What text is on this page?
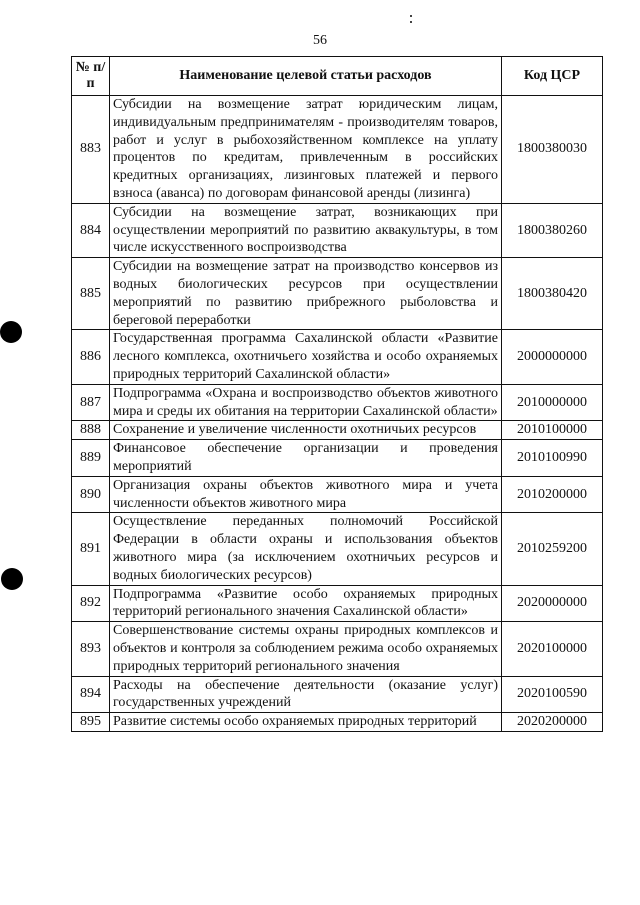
56
№ п/п	Наименование целевой статьи расходов	Код ЦСР
883	Субсидии на возмещение затрат юридическим лицам, индивидуальным предпринимателям - производителям товаров, работ и услуг в рыбохозяйственном комплексе на уплату процентов по кредитам, привлеченным в российских кредитных организациях, лизинговых платежей и первого взноса (аванса) по договорам финансовой аренды (лизинга)	1800380030
884	Субсидии на возмещение затрат, возникающих при осуществлении мероприятий по развитию аквакультуры, в том числе искусственного воспроизводства	1800380260
885	Субсидии на возмещение затрат на производство консервов из водных биологических ресурсов при осуществлении мероприятий по развитию прибрежного рыболовства и береговой переработки	1800380420
886	Государственная программа Сахалинской области «Развитие лесного комплекса, охотничьего хозяйства и особо охраняемых природных территорий Сахалинской области»	2000000000
887	Подпрограмма «Охрана и воспроизводство объектов животного мира и среды их обитания на территории Сахалинской области»	2010000000
888	Сохранение и увеличение численности охотничьих ресурсов	2010100000
889	Финансовое обеспечение организации и проведения мероприятий	2010100990
890	Организация охраны объектов животного мира и учета численности объектов животного мира	2010200000
891	Осуществление переданных полномочий Российской Федерации в области охраны и использования объектов животного мира (за исключением охотничьих ресурсов и водных биологических ресурсов)	2010259200
892	Подпрограмма «Развитие особо охраняемых природных территорий регионального значения Сахалинской области»	2020000000
893	Совершенствование системы охраны природных комплексов и объектов и контроля за соблюдением режима особо охраняемых природных территорий регионального значения	2020100000
894	Расходы на обеспечение деятельности (оказание услуг) государственных учреждений	2020100590
895	Развитие системы особо охраняемых природных территорий	2020200000
